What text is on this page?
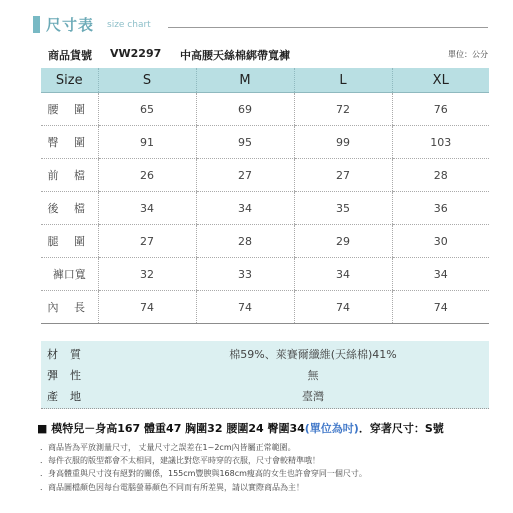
尺寸表 size chart
商品貨號 VW2297 中高腰天絲棉綁帶寬褲	單位：公分
Size	S	M	L	XL
腰 圍	65	69	72	76
臀 圍	91	95	99	103
前 檔	26	27	27	28
後 檔	34	34	35	36
腿 圍	27	28	29	30
褲口寬	32	33	34	34
內 長	74	74	74	74
材質	棉59%、萊賽爾纖維(天絲棉)41%
彈性	無
產地	臺灣
■ 模特兒－身高167 體重47 胸圍32 腰圍24 臀圍34(單位為吋)．穿著尺寸：S號
．商品皆為平放測量尺寸， 丈量尺寸之誤差在1~2cm內皆屬正常範圍。
．每件衣服的版型都會不太相同，建議比對您平時穿的衣服，尺寸會較精準哦！
．身高體重與尺寸沒有絕對的關係，155cm豐腴與168cm瘦高的女生也許會穿同一個尺寸。
．商品圖檔顏色因每台電腦螢幕顏色不同而有所差異，請以實際商品為主！
